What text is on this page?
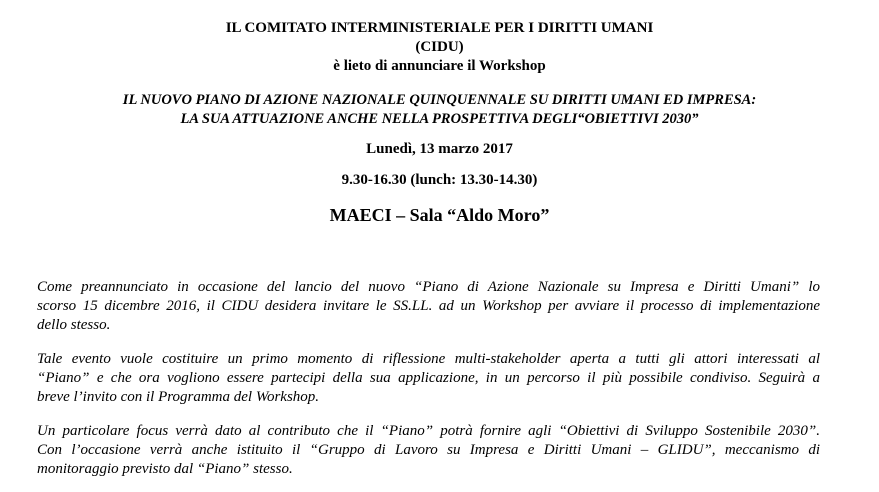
IL COMITATO INTERMINISTERIALE PER I DIRITTI UMANI
(CIDU)
è lieto di annunciare il Workshop
IL NUOVO PIANO DI AZIONE NAZIONALE QUINQUENNALE SU DIRITTI UMANI ED IMPRESA:
LA SUA ATTUAZIONE ANCHE NELLA PROSPETTIVA DEGLI“OBIETTIVI 2030”
Lunedì, 13 marzo 2017
9.30-16.30 (lunch: 13.30-14.30)
MAECI – Sala “Aldo Moro”
Come preannunciato in occasione del lancio del nuovo “Piano di Azione Nazionale su Impresa e Diritti Umani” lo
scorso 15 dicembre 2016, il CIDU desidera invitare le SS.LL. ad un Workshop per avviare il processo di implementazione
dello stesso.
Tale evento vuole costituire un primo momento di riflessione multi-stakeholder aperta a tutti gli attori interessati al
“Piano” e che ora vogliono essere partecipi della sua applicazione, in un percorso il più possibile condiviso. Seguirà a
breve l’invito con il Programma del Workshop.
Un particolare focus verrà dato al contributo che il “Piano” potrà fornire agli “Obiettivi di Sviluppo Sostenibile 2030”.
Con l’occasione verrà anche istituito il “Gruppo di Lavoro su Impresa e Diritti Umani – GLIDU”, meccanismo di
monitoraggio previsto dal “Piano” stesso.
